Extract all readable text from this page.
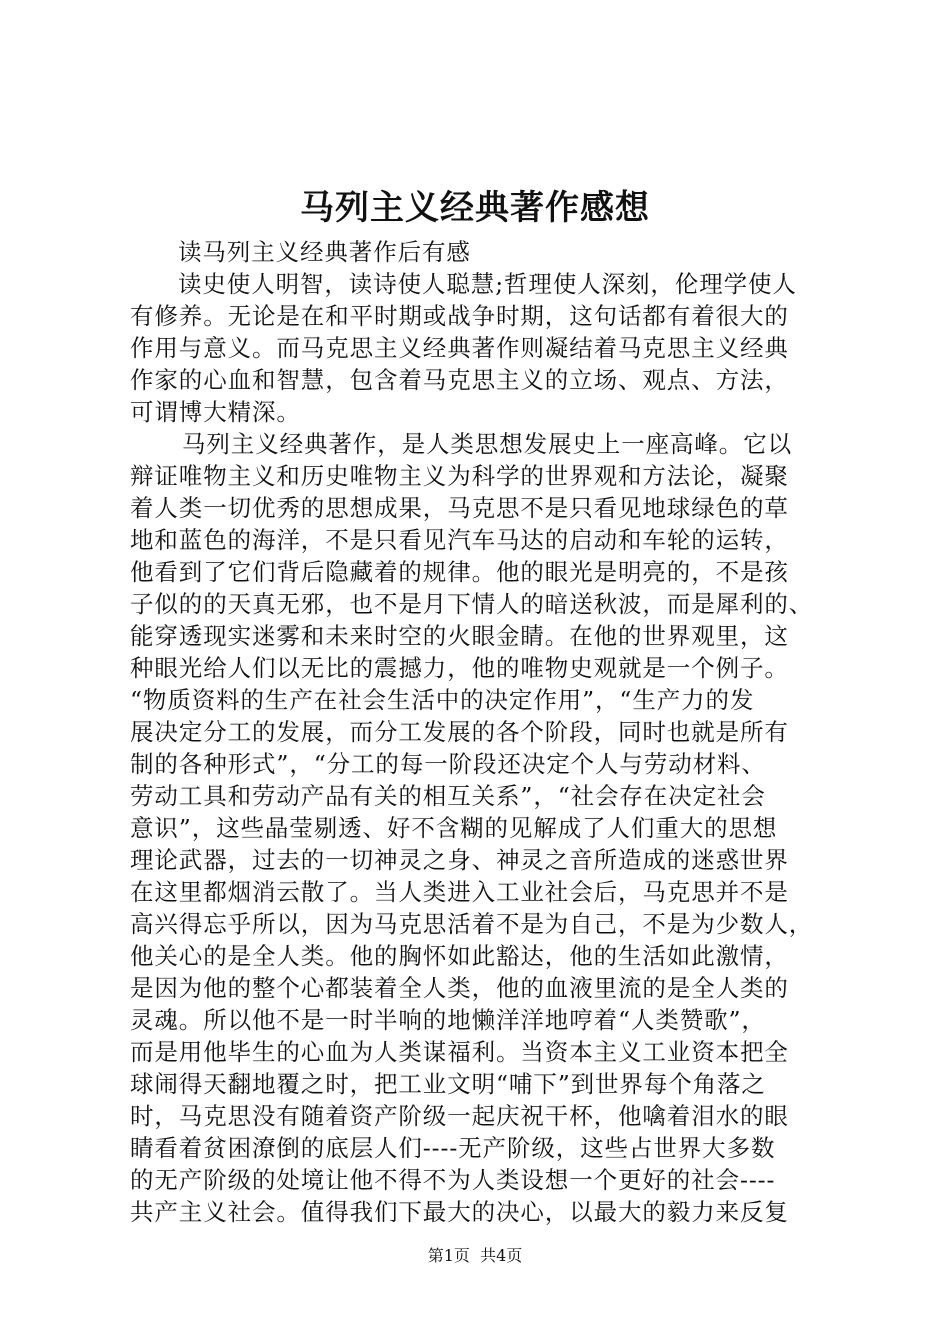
马列主义经典著作感想
读马列主义经典著作后有感
读史使人明智，读诗使人聪慧;哲理使人深刻，伦理学使人
有修养。无论是在和平时期或战争时期，这句话都有着很大的
作用与意义。而马克思主义经典著作则凝结着马克思主义经典
作家的心血和智慧，包含着马克思主义的立场、观点、方法，
可谓博大精深。
马列主义经典著作，是人类思想发展史上一座高峰。它以
辩证唯物主义和历史唯物主义为科学的世界观和方法论，凝聚
着人类一切优秀的思想成果，马克思不是只看见地球绿色的草
地和蓝色的海洋，不是只看见汽车马达的启动和车轮的运转，
他看到了它们背后隐藏着的规律。他的眼光是明亮的，不是孩
子似的的天真无邪，也不是月下情人的暗送秋波，而是犀利的、
能穿透现实迷雾和未来时空的火眼金睛。在他的世界观里，这
种眼光给人们以无比的震撼力，他的唯物史观就是一个例子。
“物质资料的生产在社会生活中的决定作用”，“生产力的发
展决定分工的发展，而分工发展的各个阶段，同时也就是所有
制的各种形式”，“分工的每一阶段还决定个人与劳动材料、
劳动工具和劳动产品有关的相互关系”，“社会存在决定社会
意识”，这些晶莹剔透、好不含糊的见解成了人们重大的思想
理论武器，过去的一切神灵之身、神灵之音所造成的迷惑世界
在这里都烟消云散了。当人类进入工业社会后，马克思并不是
高兴得忘乎所以，因为马克思活着不是为自己，不是为少数人，
他关心的是全人类。他的胸怀如此豁达，他的生活如此激情，
是因为他的整个心都装着全人类，他的血液里流的是全人类的
灵魂。所以他不是一时半响的地懒洋洋地哼着“人类赞歌”，
而是用他毕生的心血为人类谋福利。当资本主义工业资本把全
球闹得天翻地覆之时，把工业文明“哺下”到世界每个角落之
时，马克思没有随着资产阶级一起庆祝干杯，他噙着泪水的眼
睛看着贫困潦倒的底层人们----无产阶级，这些占世界大多数
的无产阶级的处境让他不得不为人类设想一个更好的社会----
共产主义社会。值得我们下最大的决心，以最大的毅力来反复
第1页  共4页
